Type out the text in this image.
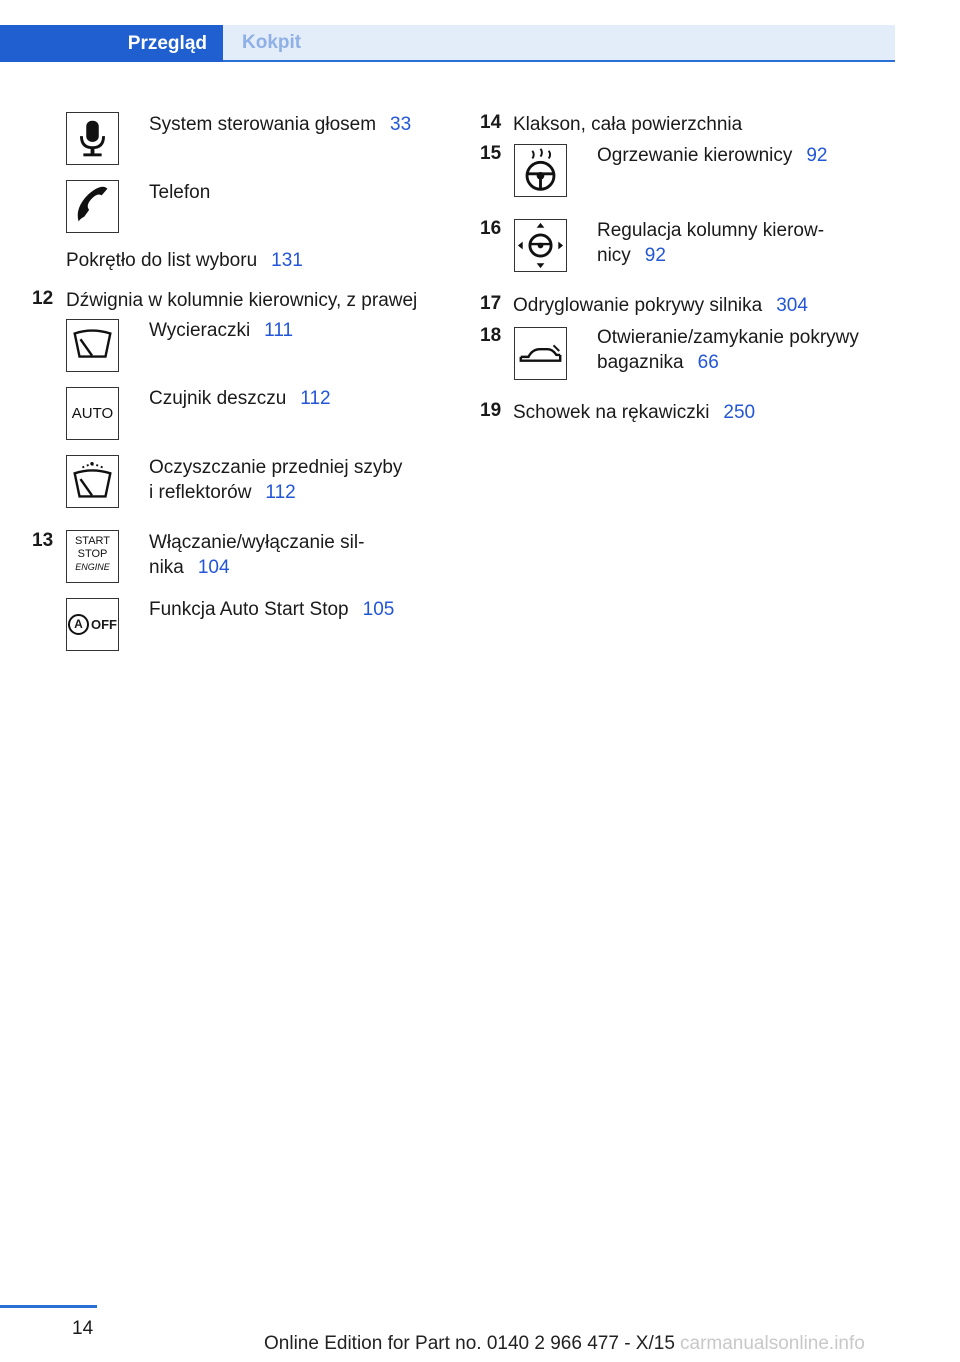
Przegląd	Kokpit
System sterowania głosem 33
Telefon
Pokrętło do list wyboru 131
12 Dźwignia w kolumnie kierownicy, z prawej
Wycieraczki 111
AUTO
Czujnik deszczu 112
Oczyszczanie przedniej szyby
i reflektorów 112
13	START
STOP
ENGINE
Włączanie/wyłączanie sil-
nika 104
A OFF
Funkcja Auto Start Stop 105
14 Klakson, cała powierzchnia
15	Ogrzewanie kierownicy 92
16	Regulacja kolumny kierow-
nicy 92
17 Odryglowanie pokrywy silnika 304
18	Otwieranie/zamykanie pokrywy
bagaznika 66
19 Schowek na rękawiczki 250
14
Online Edition for Part no. 0140 2 966 477 - X/15 carmanualsonline.info
